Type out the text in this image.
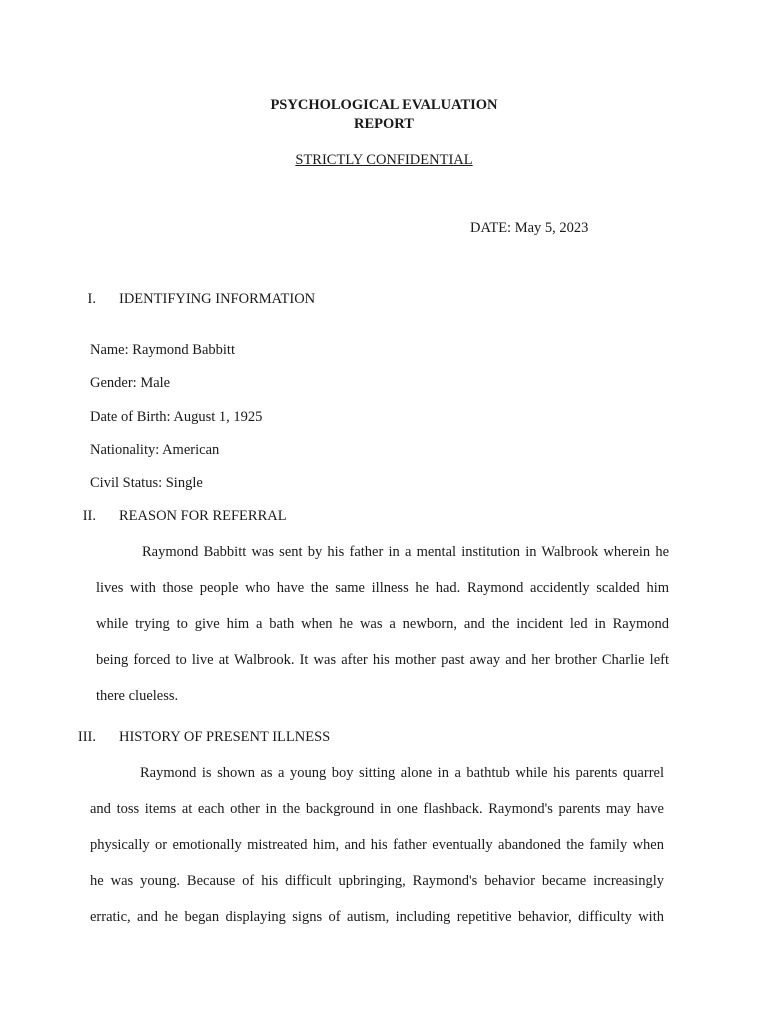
PSYCHOLOGICAL EVALUATION
REPORT
STRICTLY CONFIDENTIAL
DATE: May 5, 2023
I. IDENTIFYING INFORMATION
Name: Raymond Babbitt
Gender: Male
Date of Birth: August 1, 1925
Nationality: American
Civil Status: Single
II. REASON FOR REFERRAL
Raymond Babbitt was sent by his father in a mental institution in Walbrook wherein he
lives with those people who have the same illness he had. Raymond accidently scalded him
while trying to give him a bath when he was a newborn, and the incident led in Raymond
being forced to live at Walbrook. It was after his mother past away and her brother Charlie left
there clueless.
III. HISTORY OF PRESENT ILLNESS
Raymond is shown as a young boy sitting alone in a bathtub while his parents quarrel
and toss items at each other in the background in one flashback. Raymond's parents may have
physically or emotionally mistreated him, and his father eventually abandoned the family when
he was young. Because of his difficult upbringing, Raymond's behavior became increasingly
erratic, and he began displaying signs of autism, including repetitive behavior, difficulty with
